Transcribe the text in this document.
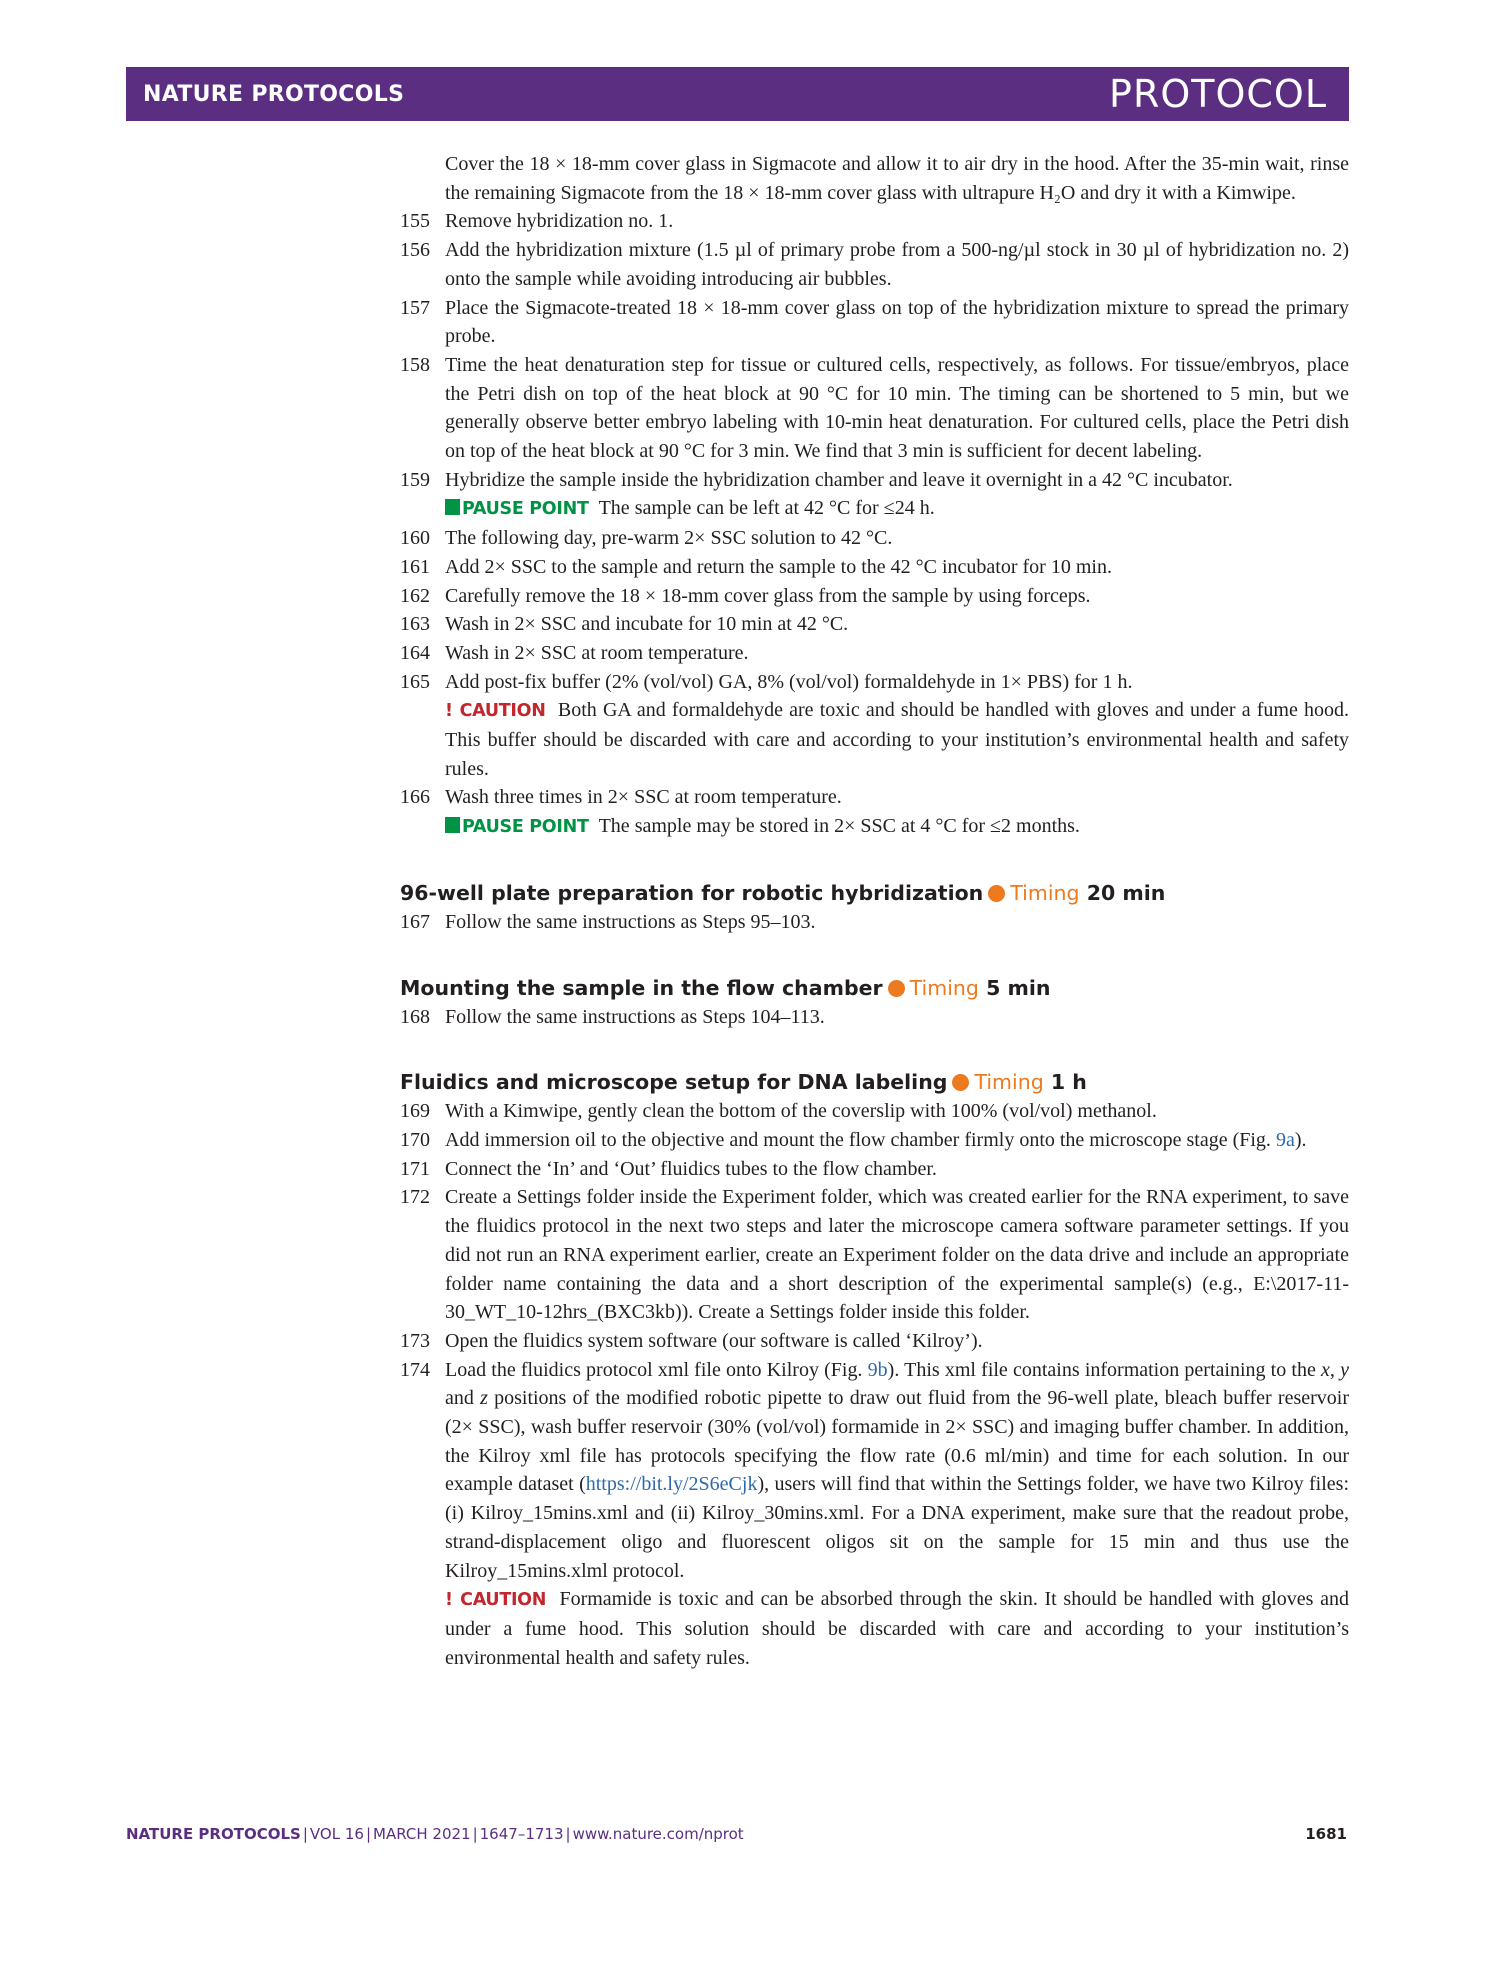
NATURE PROTOCOLS	PROTOCOL
Cover the 18 × 18-mm cover glass in Sigmacote and allow it to air dry in the hood. After the 35-min wait, rinse the remaining Sigmacote from the 18 × 18-mm cover glass with ultrapure H₂O and dry it with a Kimwipe.
155 Remove hybridization no. 1.
156 Add the hybridization mixture (1.5 µl of primary probe from a 500-ng/µl stock in 30 µl of hybridization no. 2) onto the sample while avoiding introducing air bubbles.
157 Place the Sigmacote-treated 18 × 18-mm cover glass on top of the hybridization mixture to spread the primary probe.
158 Time the heat denaturation step for tissue or cultured cells, respectively, as follows. For tissue/embryos, place the Petri dish on top of the heat block at 90 °C for 10 min. The timing can be shortened to 5 min, but we generally observe better embryo labeling with 10-min heat denaturation. For cultured cells, place the Petri dish on top of the heat block at 90 °C for 3 min. We find that 3 min is sufficient for decent labeling.
159 Hybridize the sample inside the hybridization chamber and leave it overnight in a 42 °C incubator.
PAUSE POINT The sample can be left at 42 °C for ≤24 h.
160 The following day, pre-warm 2× SSC solution to 42 °C.
161 Add 2× SSC to the sample and return the sample to the 42 °C incubator for 10 min.
162 Carefully remove the 18 × 18-mm cover glass from the sample by using forceps.
163 Wash in 2× SSC and incubate for 10 min at 42 °C.
164 Wash in 2× SSC at room temperature.
165 Add post-fix buffer (2% (vol/vol) GA, 8% (vol/vol) formaldehyde in 1× PBS) for 1 h.
! CAUTION Both GA and formaldehyde are toxic and should be handled with gloves and under a fume hood. This buffer should be discarded with care and according to your institution’s environmental health and safety rules.
166 Wash three times in 2× SSC at room temperature.
PAUSE POINT The sample may be stored in 2× SSC at 4 °C for ≤2 months.
96-well plate preparation for robotic hybridization Timing 20 min
167 Follow the same instructions as Steps 95–103.
Mounting the sample in the flow chamber Timing 5 min
168 Follow the same instructions as Steps 104–113.
Fluidics and microscope setup for DNA labeling Timing 1 h
169 With a Kimwipe, gently clean the bottom of the coverslip with 100% (vol/vol) methanol.
170 Add immersion oil to the objective and mount the flow chamber firmly onto the microscope stage (Fig. 9a).
171 Connect the ‘In’ and ‘Out’ fluidics tubes to the flow chamber.
172 Create a Settings folder inside the Experiment folder, which was created earlier for the RNA experiment, to save the fluidics protocol in the next two steps and later the microscope camera software parameter settings. If you did not run an RNA experiment earlier, create an Experiment folder on the data drive and include an appropriate folder name containing the data and a short description of the experimental sample(s) (e.g., E:\2017-11-30_WT_10-12hrs_(BXC3kb)). Create a Settings folder inside this folder.
173 Open the fluidics system software (our software is called ‘Kilroy’).
174 Load the fluidics protocol xml file onto Kilroy (Fig. 9b). This xml file contains information pertaining to the x, y and z positions of the modified robotic pipette to draw out fluid from the 96-well plate, bleach buffer reservoir (2× SSC), wash buffer reservoir (30% (vol/vol) formamide in 2× SSC) and imaging buffer chamber. In addition, the Kilroy xml file has protocols specifying the flow rate (0.6 ml/min) and time for each solution. In our example dataset (https://bit.ly/2S6eCjk), users will find that within the Settings folder, we have two Kilroy files: (i) Kilroy_15mins.xml and (ii) Kilroy_30mins.xml. For a DNA experiment, make sure that the readout probe, strand-displacement oligo and fluorescent oligos sit on the sample for 15 min and thus use the Kilroy_15mins.xlml protocol.
! CAUTION Formamide is toxic and can be absorbed through the skin. It should be handled with gloves and under a fume hood. This solution should be discarded with care and according to your institution’s environmental health and safety rules.
NATURE PROTOCOLS | VOL 16 | MARCH 2021 | 1647–1713 | www.nature.com/nprot	1681
